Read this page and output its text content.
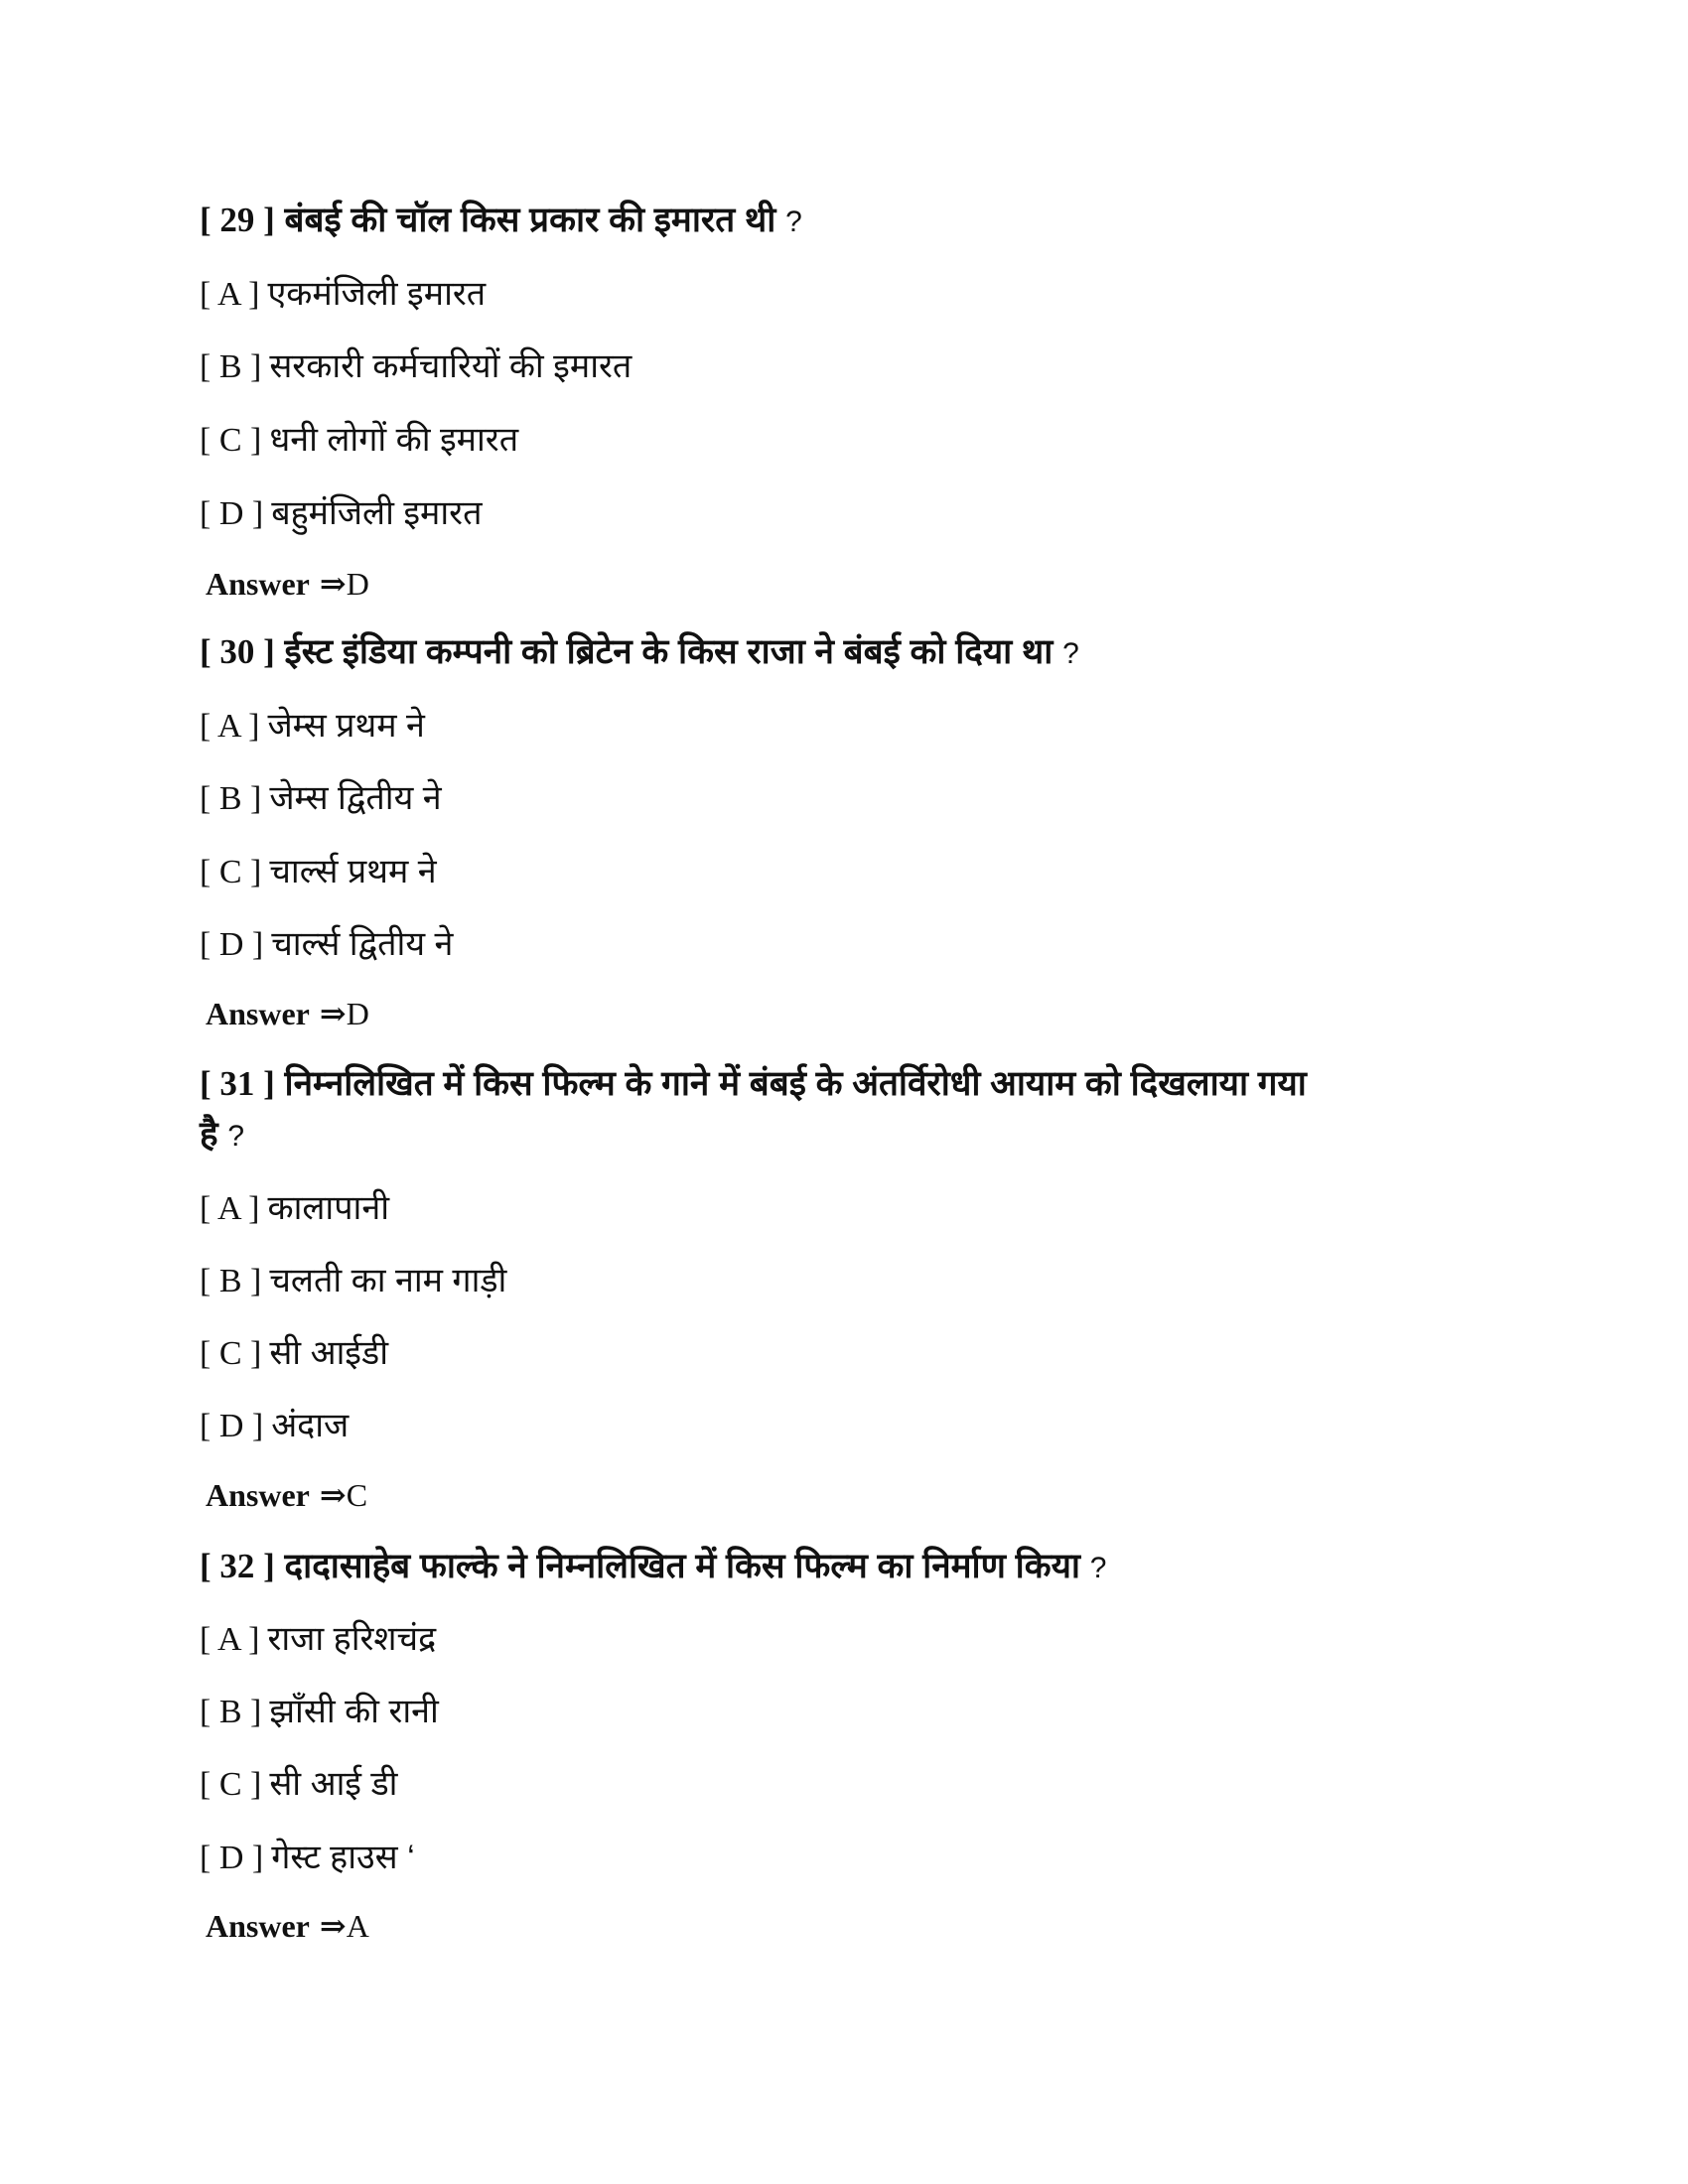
[ 29 ] बंबई की चॉल किस प्रकार की इमारत थी ?
[ A ] एकमंजिली इमारत
[ B ] सरकारी कर्मचारियों की इमारत
[ C ] धनी लोगों की इमारत
[ D ] बहुमंजिली इमारत
Answer ⇒D
[ 30 ] ईस्ट इंडिया कम्पनी को ब्रिटेन के किस राजा ने बंबई को दिया था ?
[ A ] जेम्स प्रथम ने
[ B ] जेम्स द्वितीय ने
[ C ] चार्ल्स प्रथम ने
[ D ] चार्ल्स द्वितीय ने
Answer ⇒D
[ 31 ] निम्नलिखित में किस फिल्म के गाने में बंबई के अंतर्विरोधी आयाम को दिखलाया गया
है ?
[ A ] कालापानी
[ B ] चलती का नाम गाड़ी
[ C ] सी आईडी
[ D ] अंदाज
Answer ⇒C
[ 32 ] दादासाहेब फाल्के ने निम्नलिखित में किस फिल्म का निर्माण किया ?
[ A ] राजा हरिशचंद्र
[ B ] झाँसी की रानी
[ C ] सी आई डी
[ D ] गेस्ट हाउस ‘
Answer ⇒A
